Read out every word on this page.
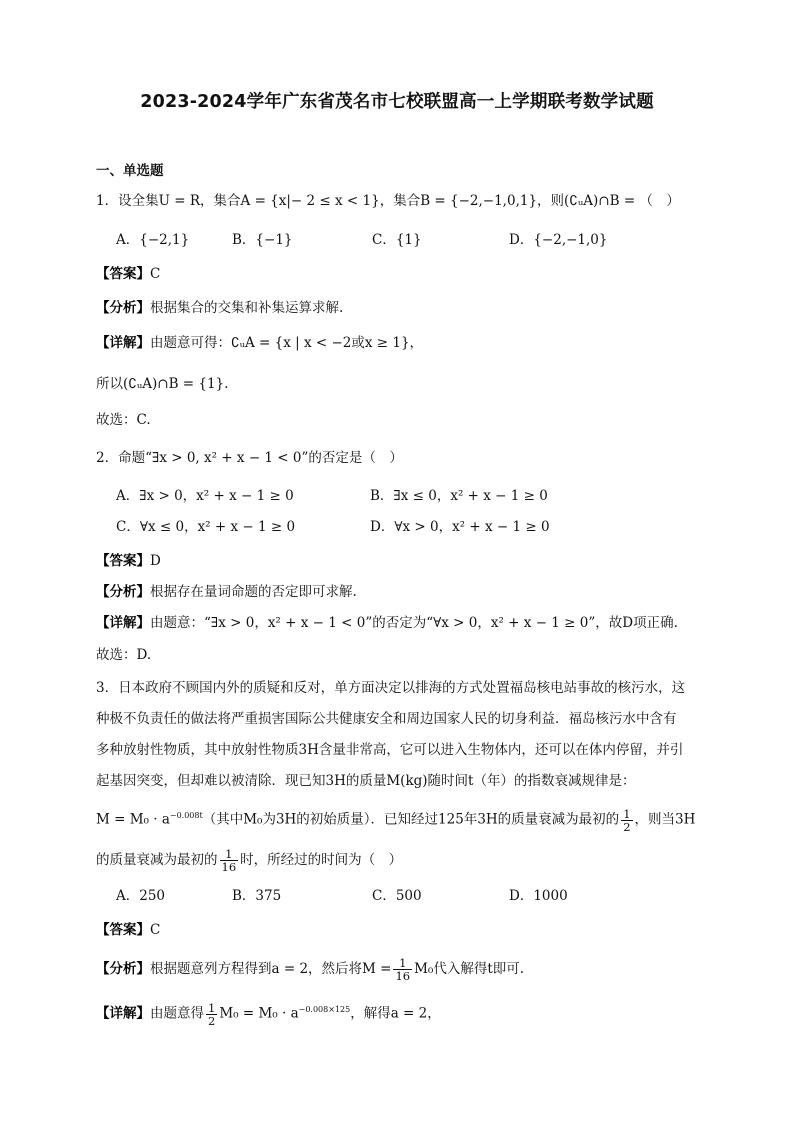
2023-2024学年广东省茂名市七校联盟高一上学期联考数学试题
一、单选题
1．设全集U = R，集合A = {x|− 2 ≤ x < 1}，集合B = {−2,−1,0,1}，则(∁ᵤA)∩B = （　）
A．{−2,1}	B．{−1}	C．{1}	D．{−2,−1,0}
【答案】C
【分析】根据集合的交集和补集运算求解.
【详解】由题意可得：∁ᵤA = {x | x < −2或x ≥ 1}，
所以(∁ᵤA)∩B = {1}.
故选：C.
2．命题“∃x > 0, x² + x − 1 < 0”的否定是（　）
A．∃x > 0，x² + x − 1 ≥ 0	B．∃x ≤ 0，x² + x − 1 ≥ 0
C．∀x ≤ 0，x² + x − 1 ≥ 0	D．∀x > 0，x² + x − 1 ≥ 0
【答案】D
【分析】根据存在量词命题的否定即可求解.
【详解】由题意：“∃x > 0，x² + x − 1 < 0”的否定为“∀x > 0，x² + x − 1 ≥ 0”，故D项正确.
故选：D.
3．日本政府不顾国内外的质疑和反对，单方面决定以排海的方式处置福岛核电站事故的核污水，这
种极不负责任的做法将严重损害国际公共健康安全和周边国家人民的切身利益．福岛核污水中含有
多种放射性物质，其中放射性物质3H含量非常高，它可以进入生物体内，还可以在体内停留，并引
起基因突变，但却难以被清除．现已知3H的质量M(kg)随时间t（年）的指数衰减规律是：
$M = M_0 \cdot a^{-0.008t}$（其中M₀为3H的初始质量）．已知经过125年3H的质量衰减为最初的 $\frac{1}{2}$ ，则当3H
的质量衰减为最初的 $\frac{1}{16}$ 时，所经过的时间为（　）
A．250	B．375	C．500	D．1000
【答案】C
【分析】根据题意列方程得到a = 2，然后将$M = \frac{1}{16} M_0$代入解得t即可.
【详解】由题意得 $\frac{1}{2} M_0 = M_0 \cdot a^{-0.008\times 125}$，解得a = 2，
